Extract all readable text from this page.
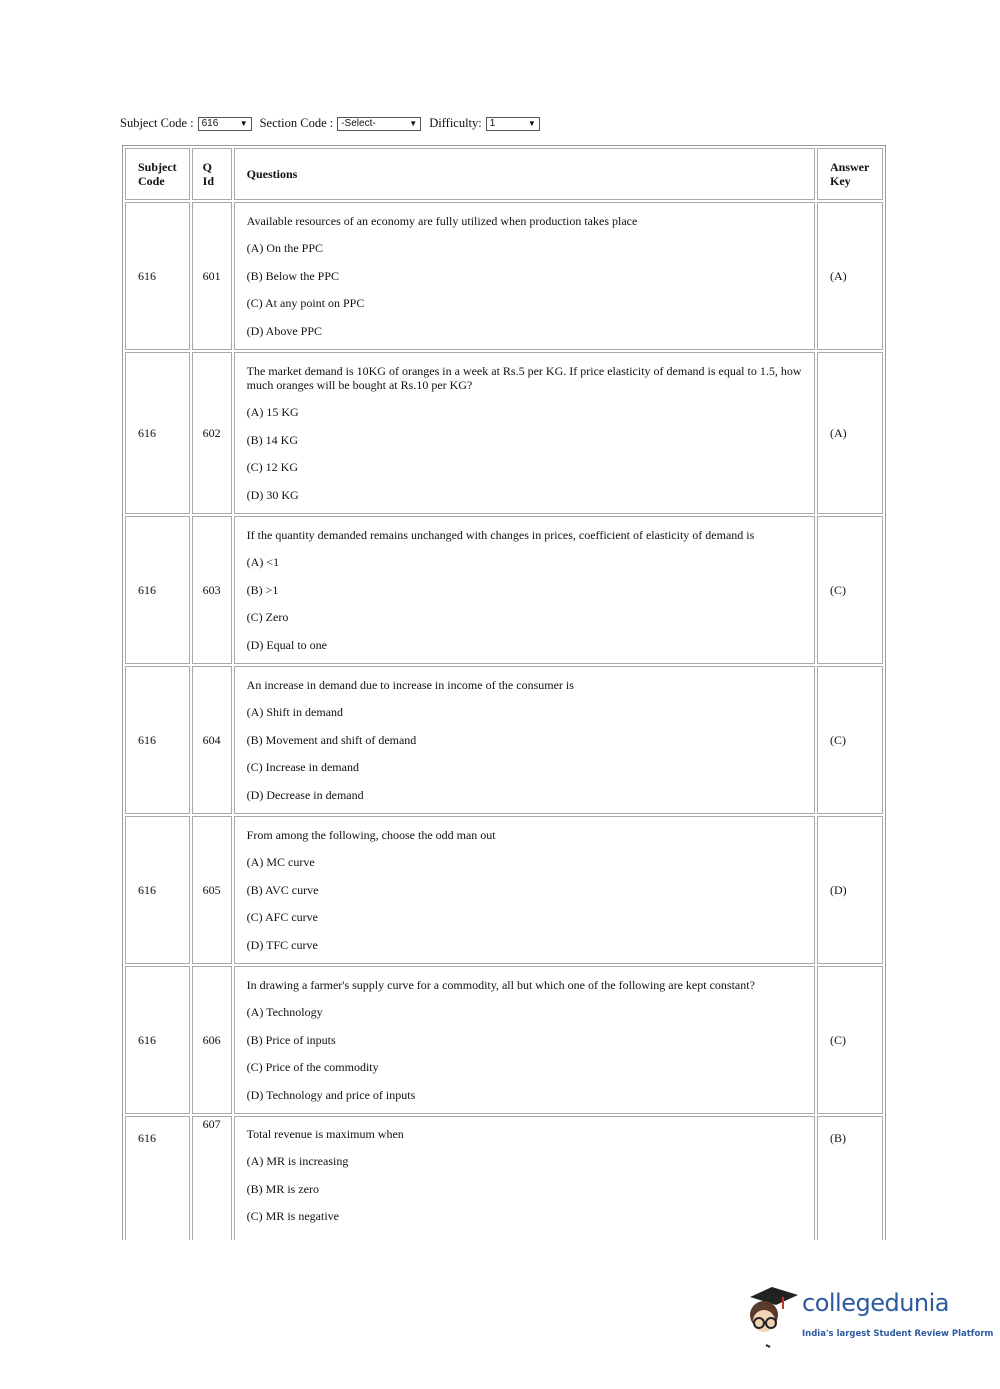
Subject Code : 616	▼ Section Code : -Select-	▼ Difficulty: 1	▼
Subject Code	Q Id	Questions	Answer Key
616	601	Available resources of an economy are fully utilized when production takes place
(A) On the PPC
(B) Below the PPC
(C) At any point on PPC
(D) Above PPC	(A)
616	602	The market demand is 10KG of oranges in a week at Rs.5 per KG. If price elasticity of demand is equal to 1.5, how much oranges will be bought at Rs.10 per KG?
(A) 15 KG
(B) 14 KG
(C) 12 KG
(D) 30 KG	(A)
616	603	If the quantity demanded remains unchanged with changes in prices, coefficient of elasticity of demand is
(A) <1
(B) >1
(C) Zero
(D) Equal to one	(C)
616	604	An increase in demand due to increase in income of the consumer is
(A) Shift in demand
(B) Movement and shift of demand
(C) Increase in demand
(D) Decrease in demand	(C)
616	605	From among the following, choose the odd man out
(A) MC curve
(B) AVC curve
(C) AFC curve
(D) TFC curve	(D)
616	606	In drawing a farmer's supply curve for a commodity, all but which one of the following are kept constant?
(A) Technology
(B) Price of inputs
(C) Price of the commodity
(D) Technology and price of inputs	(C)
616	607	Total revenue is maximum when
(A) MR is increasing
(B) MR is zero
(C) MR is negative	(B)
collegedunia
India's largest Student Review Platform
